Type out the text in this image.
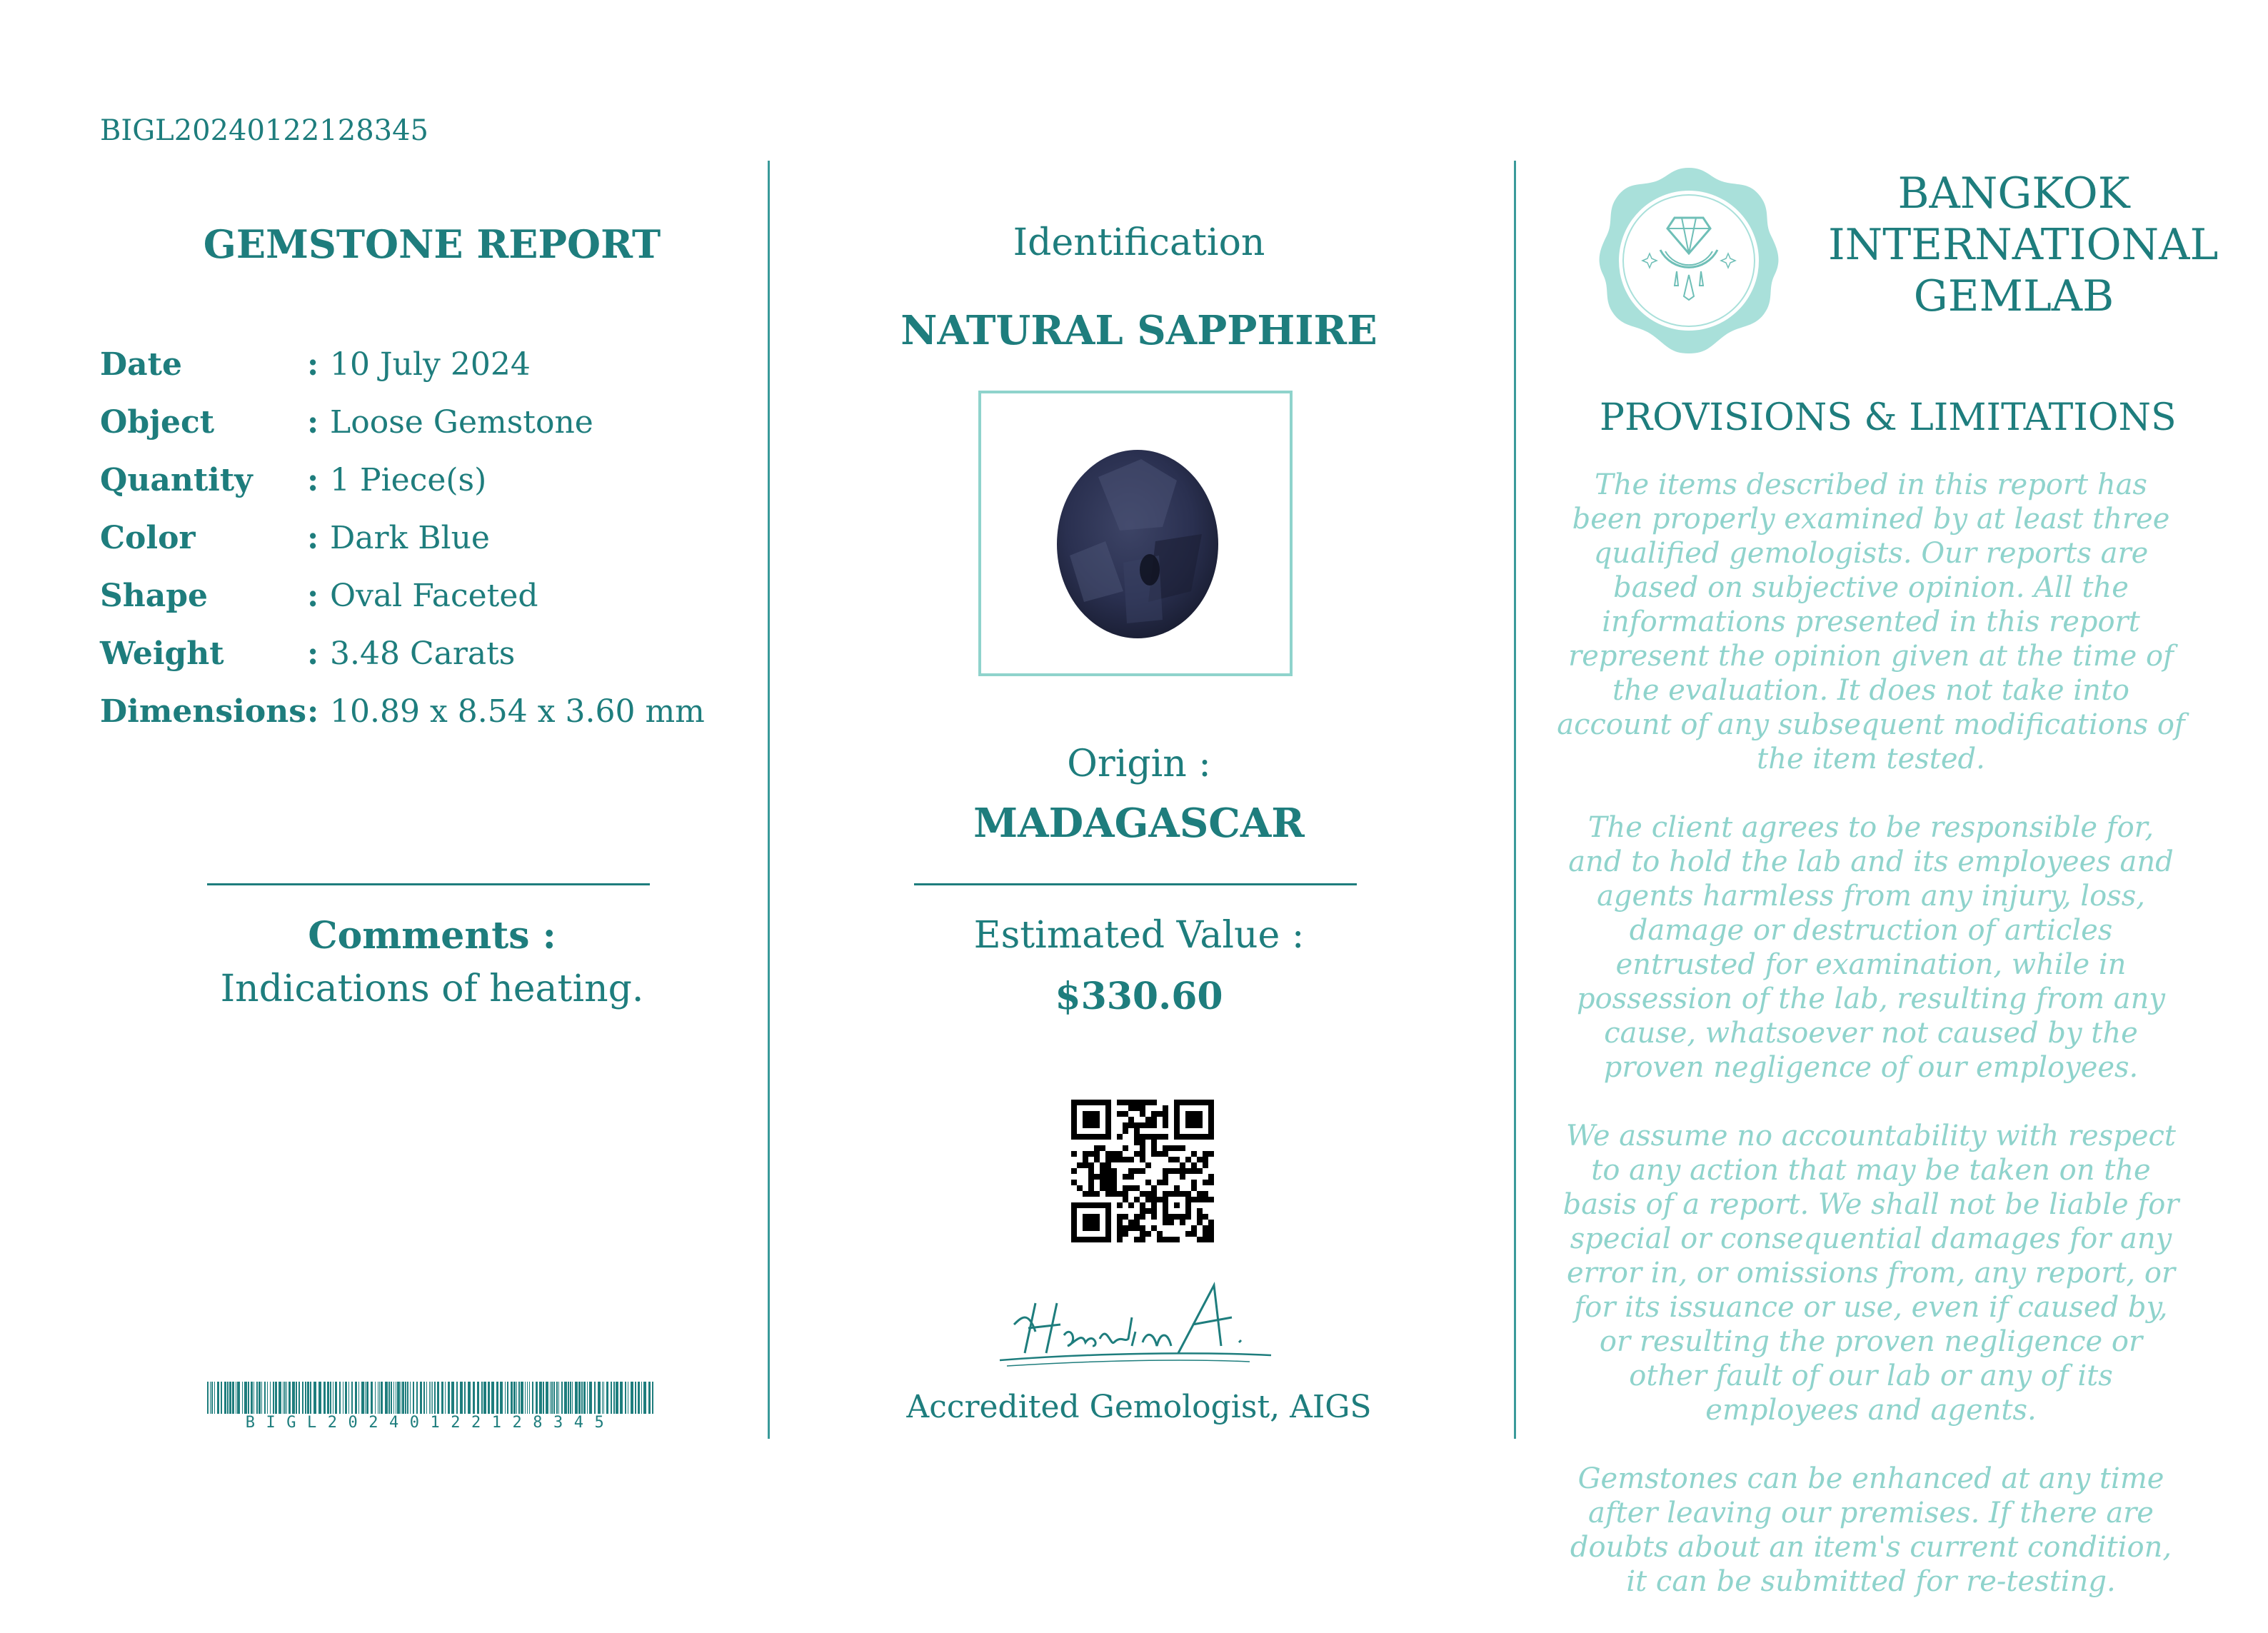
BIGL20240122128345
GEMSTONE REPORT
Date	: 10 July 2024
Object	: Loose Gemstone
Quantity	: 1 Piece(s)
Color	: Dark Blue
Shape	: Oval Faceted
Weight	: 3.48 Carats
Dimensions : 10.89 x 8.54 x 3.60 mm
Comments :
Indications of heating.
BIGL20240122128345
Identification
NATURAL SAPPHIRE
Origin :
MADAGASCAR
Estimated Value :
$330.60
Accredited Gemologist, AIGS
BANGKOK
INTERNATIONAL
GEMLAB
PROVISIONS & LIMITATIONS

The items described in this report has been properly examined by at least three qualified gemologists. Our reports are based on subjective opinion. All the informations presented in this report represent the opinion given at the time of the evaluation. It does not take into account of any subsequent modifications of the item tested.

The client agrees to be responsible for, and to hold the lab and its employees and agents harmless from any injury, loss, damage or destruction of articles entrusted for examination, while in possession of the lab, resulting from any cause, whatsoever not caused by the proven negligence of our employees.

We assume no accountability with respect to any action that may be taken on the basis of a report. We shall not be liable for special or consequential damages for any error in, or omissions from, any report, or for its issuance or use, even if caused by, or resulting the proven negligence or other fault of our lab or any of its employees and agents.

Gemstones can be enhanced at any time after leaving our premises. If there are doubts about an item's current condition, it can be submitted for re-testing.
